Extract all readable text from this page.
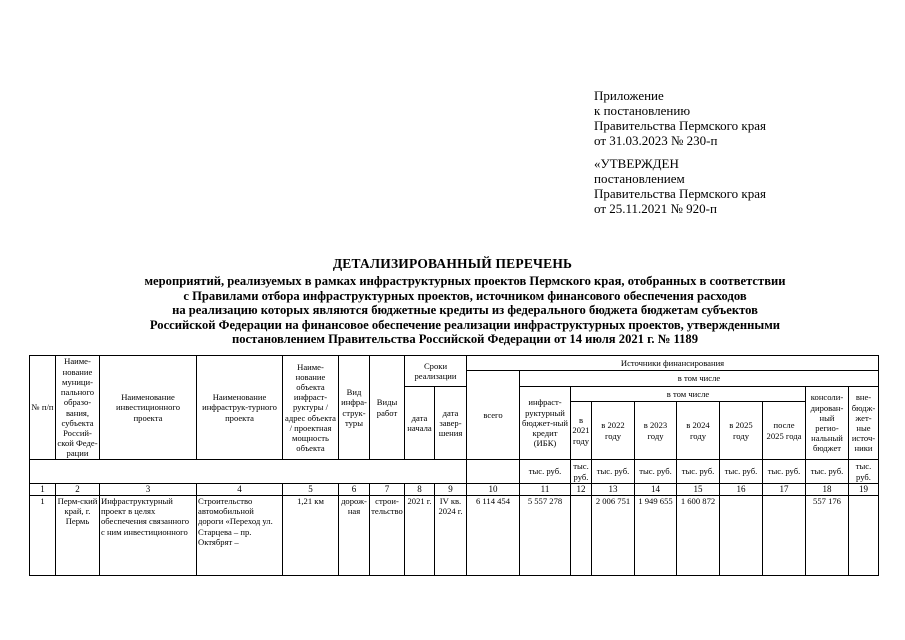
Приложение
к постановлению
Правительства Пермского края
от 31.03.2023 № 230-п
«УТВЕРЖДЕН
постановлением
Правительства Пермского края
от 25.11.2021 № 920-п
ДЕТАЛИЗИРОВАННЫЙ ПЕРЕЧЕНЬ
мероприятий, реализуемых в рамках инфраструктурных проектов Пермского края, отобранных в соответствии
с Правилами отбора инфраструктурных проектов, источником финансового обеспечения расходов
на реализацию которых являются бюджетные кредиты из федерального бюджета бюджетам субъектов
Российской Федерации на финансовое обеспечение реализации инфраструктурных проектов, утвержденными
постановлением Правительства Российской Федерации от 14 июля 2021 г. № 1189
№ п/п	Наиме-нование муници-пального образо-вания, субъекта Россий-ской Феде-рации	Наименование инвестиционного проекта	Наименование инфраструк-турного проекта	Наиме-нование объекта инфраст-руктуры / адрес объекта / проектная мощность объекта	Вид инфра-струк-туры	Виды работ	Сроки реализации		Источники финансирования									
									всего	в том числе								
							дата начала	дата завер-шения		инфраст-руктурный бюджет-ный кредит (ИБК)	в том числе						консоли-дирован-ный регио-нальный бюджет	вне-бюдж-жет-ные источ-ники
											в 2021 году	в 2022 году	в 2023 году	в 2024 году	в 2025 году	после 2025 года		
										тыс. руб.	тыс. руб.	тыс. руб.	тыс. руб.	тыс. руб.	тыс. руб.	тыс. руб.	тыс. руб.	тыс. руб.
1	2	3	4	5	6	7	8	9	10	11	12	13	14	15	16	17	18	19
1	Перм-ский край, г. Пермь	Инфраструктурный проект в целях обеспечения связанного с ним инвестиционного	Строительство автомобильной дороги «Переход ул. Старцева – пр. Октябрят –	1,21 км	дорож-ная	строи-тельство	2021 г.	IV кв. 2024 г.	6 114 454	5 557 278		2 006 751	1 949 655	1 600 872			557 176	
